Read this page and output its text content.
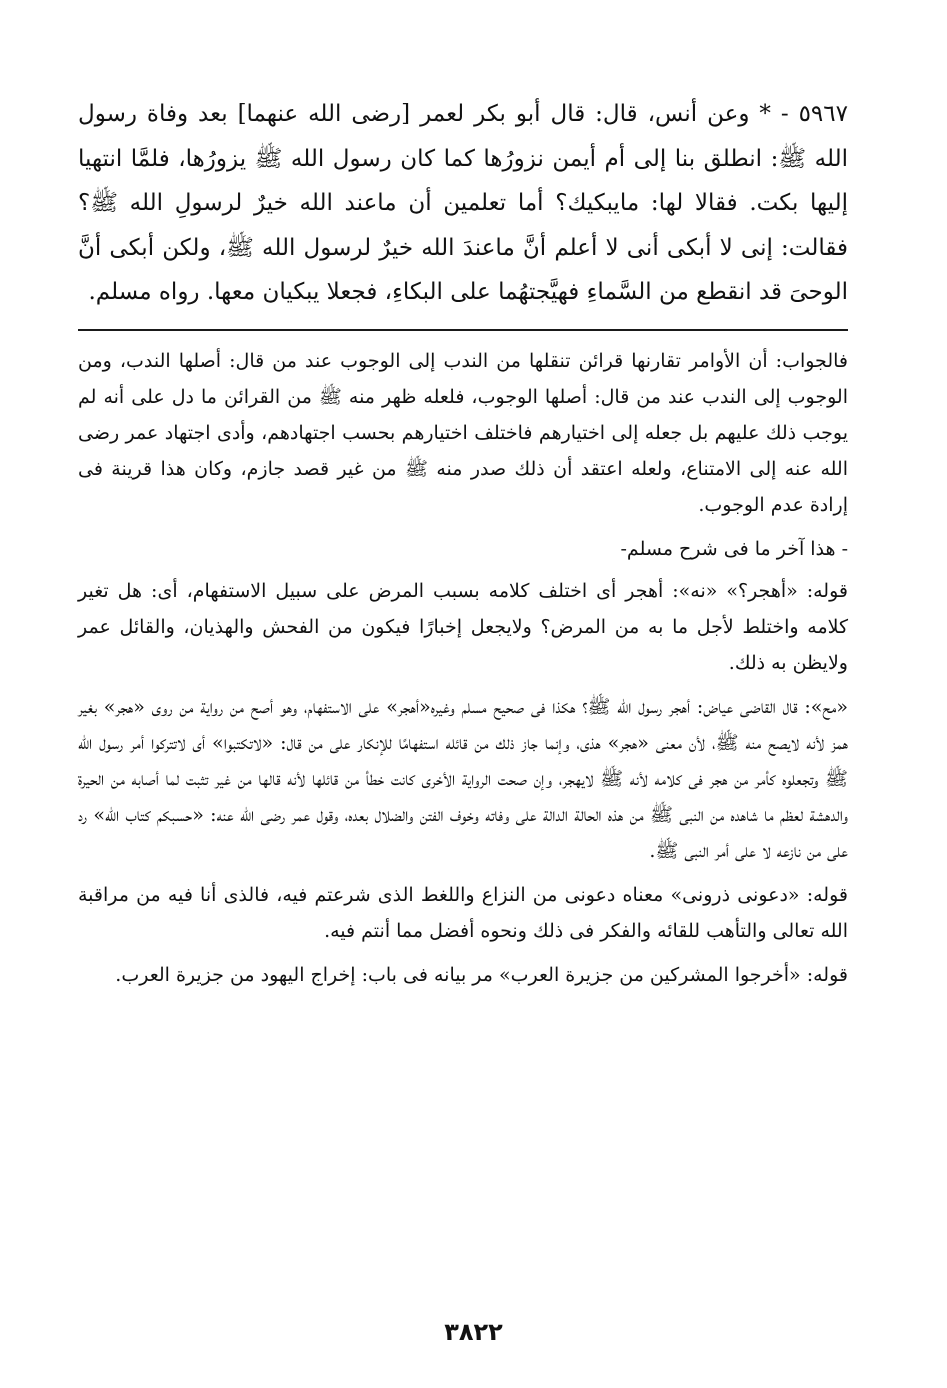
٥٩٦٧ - * وعن أنس، قال: قال أبو بكر لعمر [رضى الله عنهما] بعد وفاة رسول الله ﷺ: انطلق بنا إلى أم أيمن نزورُها كما كان رسول الله ﷺ يزورُها، فلمَّا انتهيا إليها بكت. فقالا لها: مايبكيك؟ أما تعلمين أن ماعند الله خيرٌ لرسولِ الله ﷺ؟ فقالت: إنى لا أبكى أنى لا أعلم أنَّ ماعندَ الله خيرٌ لرسول الله ﷺ، ولكن أبكى أنَّ الوحىَ قد انقطع من السَّماءِ فهيَّجتهُما على البكاءِ، فجعلا يبكيان معها. رواه مسلم.

فالجواب: أن الأوامر تقارنها قرائن تنقلها من الندب إلى الوجوب عند من قال: أصلها الندب، ومن الوجوب إلى الندب عند من قال: أصلها الوجوب، فلعله ظهر منه ﷺ من القرائن ما دل على أنه لم يوجب ذلك عليهم بل جعله إلى اختيارهم فاختلف اختيارهم بحسب اجتهادهم، وأدى اجتهاد عمر رضى الله عنه إلى الامتناع، ولعله اعتقد أن ذلك صدر منه ﷺ من غير قصد جازم، وكان هذا قرينة فى إرادة عدم الوجوب.

- هذا آخر ما فى شرح مسلم-

قوله: «أهجر؟» «نه»: أهجر أى اختلف كلامه بسبب المرض على سبيل الاستفهام، أى: هل تغير كلامه واختلط لأجل ما به من المرض؟ ولايجعل إخبارًا فيكون من الفحش والهذيان، والقائل عمر ولايظن به ذلك.

«مح»: قال القاضى عياض: أهجر رسول الله ﷺ؟ هكذا فى صحيح مسلم وغيره«أهجر» على الاستفهام، وهو أصح من رواية من روى «هجر» بغير همز لأنه لايصح منه ﷺ، لأن معنى «هجر» هذى، وإنما جاز ذلك من قائله استفهامًا للإنكار على من قال: «لاتكتبوا» أى لاتتركوا أمر رسول الله ﷺ وتجعلوه كأمر من هجر فى كلامه لأنه ﷺ لايهجر، وإن صحت الرواية الأخرى كانت خطأ من قائلها لأنه قالها من غير تثبت لما أصابه من الحيرة والدهشة لعظم ما شاهده من النبى ﷺ من هذه الحالة الدالة على وفاته وخوف الفتن والضلال بعده، وقول عمر رضى الله عنه: «حسبكم كتاب الله» رد على من نازعه لا على أمر النبى ﷺ.

قوله: «دعونى ذرونى» معناه دعونى من النزاع واللغط الذى شرعتم فيه، فالذى أنا فيه من مراقبة الله تعالى والتأهب للقائه والفكر فى ذلك ونحوه أفضل مما أنتم فيه.

قوله: «أخرجوا المشركين من جزيرة العرب» مر بيانه فى باب: إخراج اليهود من جزيرة العرب.

٣٨٢٢
